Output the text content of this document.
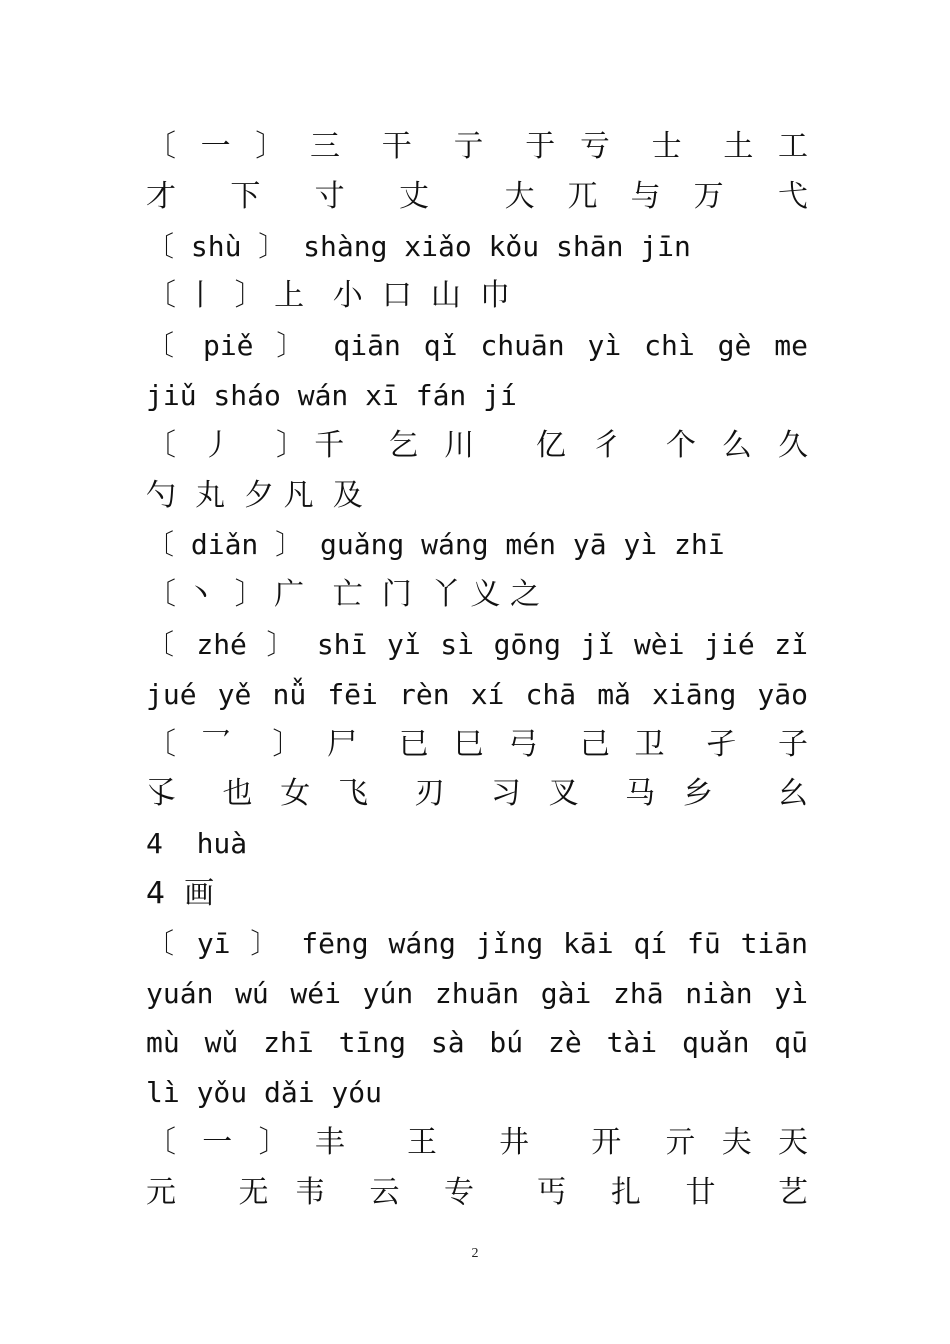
〔 一 〕 三  干  亍  于 亏  士  土 工
才  下  寸  丈   大 兀 与 万  弋
〔 shù 〕 shàng xiǎo kǒu shān jīn
〔 丨  〕 上   小  口  山  巾
〔 piě 〕 qiān qǐ chuān yì chì gè me
jiǔ sháo wán xī fán jí
〔 丿  〕千  乞 川   亿 彳  个 么 久
勺  丸  夕 凡  及
〔 diǎn 〕 guǎng wáng mén yā yì zhī
〔 丶  〕 广   亡  门  丫 义 之
〔 zhé 〕 shī yǐ sì gōng jǐ wèi jié zǐ
jué yě nǚ fēi rèn xí chā mǎ xiāng yāo
〔 乛  〕 尸  已 巳 弓  己 卫  孑  子
孓  也 女 飞  刃  习 叉  马 乡   幺
4  huà
4  画
〔 yī 〕 fēng wáng jǐng kāi qí fū tiān
yuán wú wéi yún zhuān gài zhā niàn yì
mù wǔ zhī tīng sà bú zè tài quǎn qū
lì yǒu dǎi yóu
〔 一 〕 丰   王   井   开  亓 夫 天
元   无 韦  云  专   丐  扎  廿   艺
2
